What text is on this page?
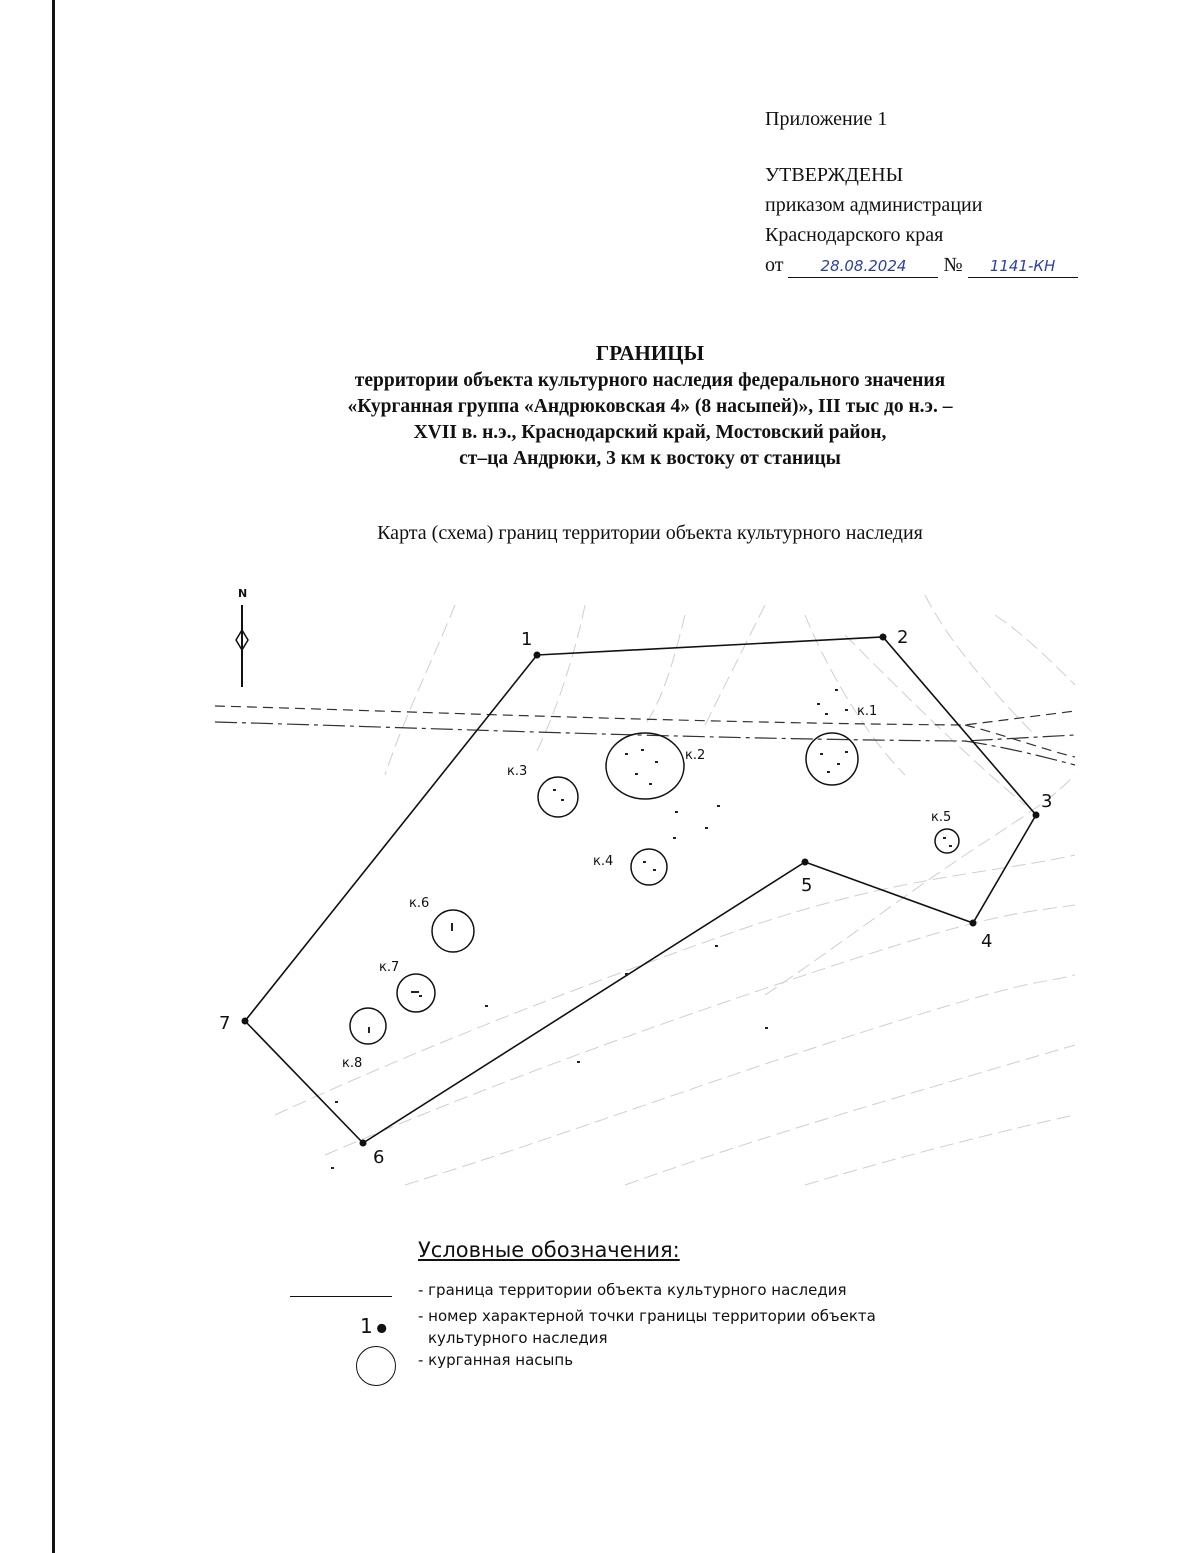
Приложение 1
УТВЕРЖДЕНЫ
приказом администрации
Краснодарского края
от 28.08.2024 № 1141-КН
ГРАНИЦЫ
территории объекта культурного наследия федерального значения
«Курганная группа «Андрюковская 4» (8 насыпей)», III тыс до н.э. –
XVII в. н.э., Краснодарский край, Мостовский район,
ст–ца Андрюки, 3 км к востоку от станицы
Карта (схема) границ территории объекта культурного наследия
N
1	2
3
4
5
6
7
к.1
к.2
к.3
к.4
к.5
к.6
к.7
к.8
Условные обозначения:
- граница территории объекта культурного наследия
1 ●
- номер характерной точки границы территории объекта
культурного наследия
- курганная насыпь
